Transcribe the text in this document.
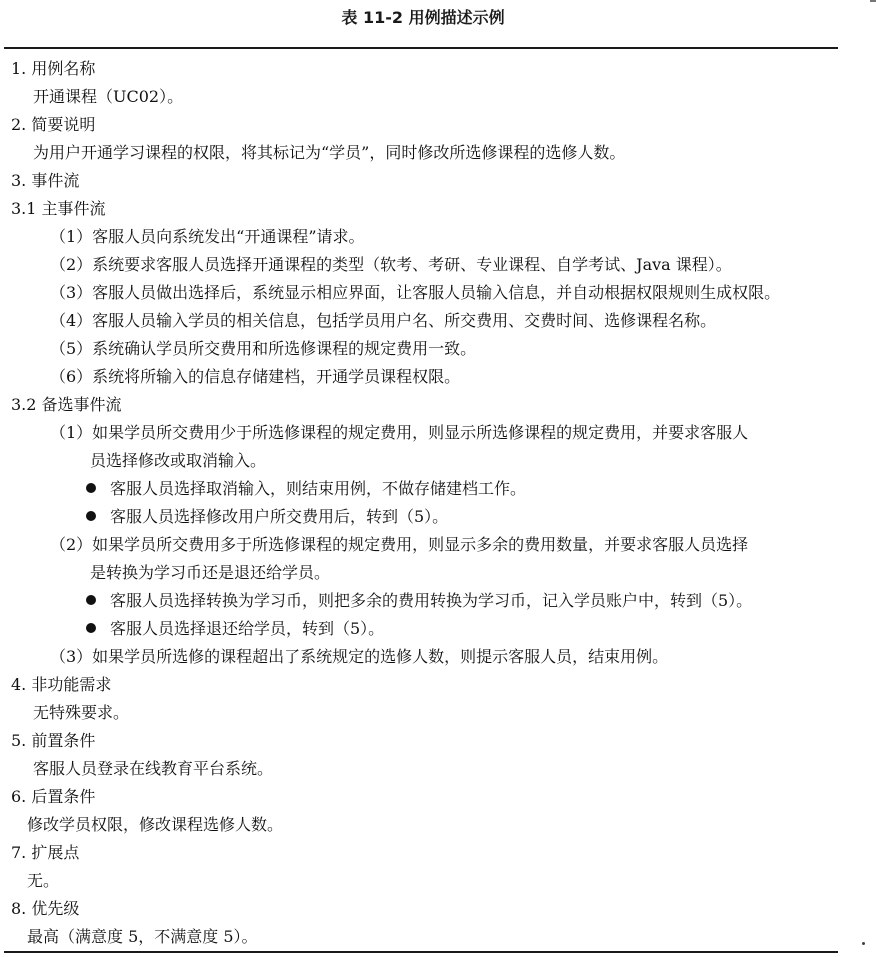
表 11-2 用例描述示例
1. 用例名称
开通课程（UC02）。
2. 简要说明
为用户开通学习课程的权限，将其标记为“学员”，同时修改所选修课程的选修人数。
3. 事件流
3.1 主事件流
（1）客服人员向系统发出“开通课程”请求。
（2）系统要求客服人员选择开通课程的类型（软考、考研、专业课程、自学考试、Java 课程）。
（3）客服人员做出选择后，系统显示相应界面，让客服人员输入信息，并自动根据权限规则生成权限。
（4）客服人员输入学员的相关信息，包括学员用户名、所交费用、交费时间、选修课程名称。
（5）系统确认学员所交费用和所选修课程的规定费用一致。
（6）系统将所输入的信息存储建档，开通学员课程权限。
3.2 备选事件流
（1）如果学员所交费用少于所选修课程的规定费用，则显示所选修课程的规定费用，并要求客服人
员选择修改或取消输入。
客服人员选择取消输入，则结束用例，不做存储建档工作。
客服人员选择修改用户所交费用后，转到（5）。
（2）如果学员所交费用多于所选修课程的规定费用，则显示多余的费用数量，并要求客服人员选择
是转换为学习币还是退还给学员。
客服人员选择转换为学习币，则把多余的费用转换为学习币，记入学员账户中，转到（5）。
客服人员选择退还给学员，转到（5）。
（3）如果学员所选修的课程超出了系统规定的选修人数，则提示客服人员，结束用例。
4. 非功能需求
无特殊要求。
5. 前置条件
客服人员登录在线教育平台系统。
6. 后置条件
修改学员权限，修改课程选修人数。
7. 扩展点
无。
8. 优先级
最高（满意度 5，不满意度 5）。
